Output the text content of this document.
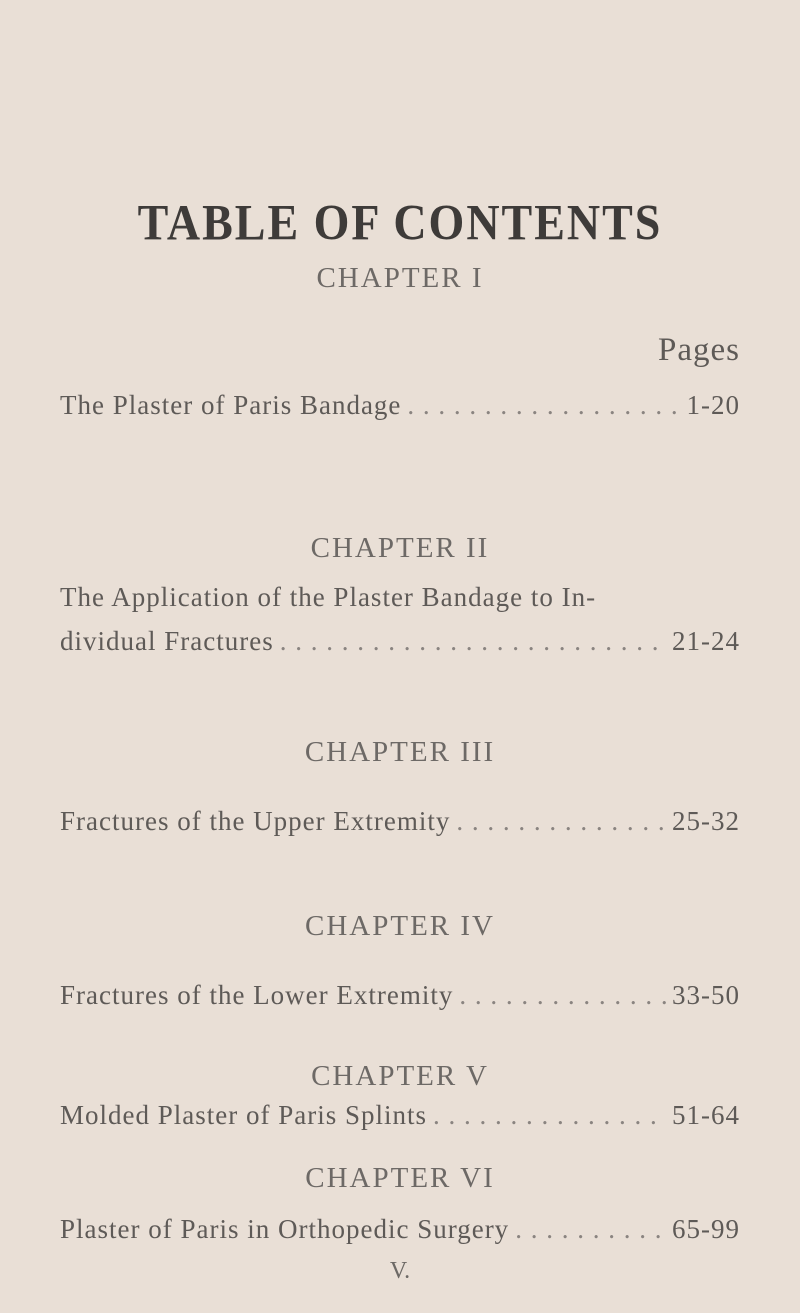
TABLE OF CONTENTS
CHAPTER I
Pages
The Plaster of Paris Bandage . . .	1-20
CHAPTER II
The Application of the Plaster Bandage to In-
dividual Fractures . . .	21-24
CHAPTER III
Fractures of the Upper Extremity . . .	25-32
CHAPTER IV
Fractures of the Lower Extremity . . .	33-50
CHAPTER V
Molded Plaster of Paris Splints . . .	51-64
CHAPTER VI
Plaster of Paris in Orthopedic Surgery . . .	65-99
V.
